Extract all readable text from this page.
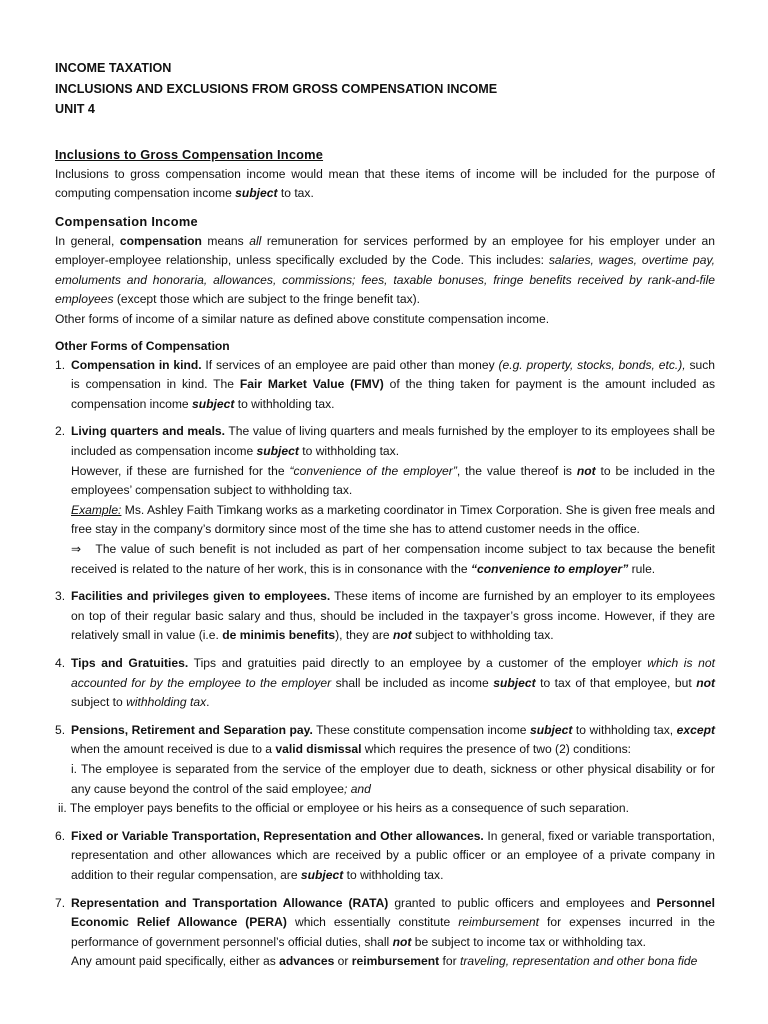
INCOME TAXATION
INCLUSIONS AND EXCLUSIONS FROM GROSS COMPENSATION INCOME
UNIT 4
Inclusions to Gross Compensation Income

Inclusions to gross compensation income would mean that these items of income will be included for the purpose of computing compensation income subject to tax.

Compensation Income

In general, compensation means all remuneration for services performed by an employee for his employer under an employer-employee relationship, unless specifically excluded by the Code. This includes: salaries, wages, overtime pay, emoluments and honoraria, allowances, commissions; fees, taxable bonuses, fringe benefits received by rank-and-file employees (except those which are subject to the fringe benefit tax).

Other forms of income of a similar nature as defined above constitute compensation income.

Other Forms of Compensation
1. Compensation in kind. If services of an employee are paid other than money (e.g. property, stocks, bonds, etc.), such is compensation in kind. The Fair Market Value (FMV) of the thing taken for payment is the amount included as compensation income subject to withholding tax.
2. Living quarters and meals. The value of living quarters and meals furnished by the employer to its employees shall be included as compensation income subject to withholding tax.
However, if these are furnished for the “convenience of the employer”, the value thereof is not to be included in the employees’ compensation subject to withholding tax.
Example: Ms. Ashley Faith Timkang works as a marketing coordinator in Timex Corporation. She is given free meals and free stay in the company’s dormitory since most of the time she has to attend customer needs in the office.
⇒ The value of such benefit is not included as part of her compensation income subject to tax because the benefit received is related to the nature of her work, this is in consonance with the “convenience to employer” rule.
3. Facilities and privileges given to employees. These items of income are furnished by an employer to its employees on top of their regular basic salary and thus, should be included in the taxpayer’s gross income. However, if they are relatively small in value (i.e. de minimis benefits), they are not subject to withholding tax.
4. Tips and Gratuities. Tips and gratuities paid directly to an employee by a customer of the employer which is not accounted for by the employee to the employer shall be included as income subject to tax of that employee, but not subject to withholding tax.
5. Pensions, Retirement and Separation pay. These constitute compensation income subject to withholding tax, except when the amount received is due to a valid dismissal which requires the presence of two (2) conditions:
i. The employee is separated from the service of the employer due to death, sickness or other physical disability or for any cause beyond the control of the said employee; and
ii. The employer pays benefits to the official or employee or his heirs as a consequence of such separation.
6. Fixed or Variable Transportation, Representation and Other allowances. In general, fixed or variable transportation, representation and other allowances which are received by a public officer or an employee of a private company in addition to their regular compensation, are subject to withholding tax.
7. Representation and Transportation Allowance (RATA) granted to public officers and employees and Personnel Economic Relief Allowance (PERA) which essentially constitute reimbursement for expenses incurred in the performance of government personnel’s official duties, shall not be subject to income tax or withholding tax.
Any amount paid specifically, either as advances or reimbursement for traveling, representation and other bona fide
